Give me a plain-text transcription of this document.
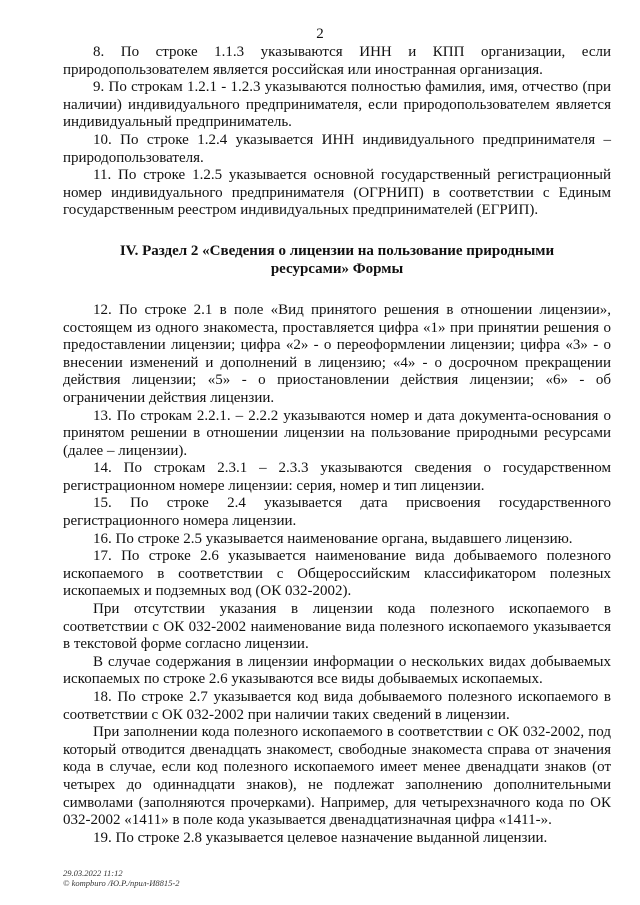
2

8. По строке 1.1.3 указываются ИНН и КПП организации, если природопользователем является российская или иностранная организация.

9. По строкам 1.2.1 - 1.2.3 указываются полностью фамилия, имя, отчество (при наличии) индивидуального предпринимателя, если природопользователем является индивидуальный предприниматель.

10. По строке 1.2.4 указывается ИНН индивидуального предпринимателя – природопользователя.

11. По строке 1.2.5 указывается основной государственный регистрационный номер индивидуального предпринимателя (ОГРНИП) в соответствии с Единым государственным реестром индивидуальных предпринимателей (ЕГРИП).

IV. Раздел 2 «Сведения о лицензии на пользование природными ресурсами» Формы

12. По строке 2.1 в поле «Вид принятого решения в отношении лицензии», состоящем из одного знакоместа, проставляется цифра «1» при принятии решения о предоставлении лицензии; цифра «2» - о переоформлении лицензии; цифра «3» - о внесении изменений и дополнений в лицензию; «4» - о досрочном прекращении действия лицензии; «5» - о приостановлении действия лицензии; «6» - об ограничении действия лицензии.

13. По строкам 2.2.1. – 2.2.2 указываются номер и дата документа-основания о принятом решении в отношении лицензии на пользование природными ресурсами (далее – лицензии).

14. По строкам 2.3.1 – 2.3.3 указываются сведения о государственном регистрационном номере лицензии: серия, номер и тип лицензии.

15. По строке 2.4 указывается дата присвоения государственного регистрационного номера лицензии.

16. По строке 2.5 указывается наименование органа, выдавшего лицензию.

17. По строке 2.6 указывается наименование вида добываемого полезного ископаемого в соответствии с Общероссийским классификатором полезных ископаемых и подземных вод (ОК 032-2002).

При отсутствии указания в лицензии кода полезного ископаемого в соответствии с ОК 032-2002 наименование вида полезного ископаемого указывается в текстовой форме согласно лицензии.

В случае содержания в лицензии информации о нескольких видах добываемых ископаемых по строке 2.6 указываются все виды добываемых ископаемых.

18. По строке 2.7 указывается код вида добываемого полезного ископаемого в соответствии с ОК 032-2002 при наличии таких сведений в лицензии.

При заполнении кода полезного ископаемого в соответствии с ОК 032-2002, под который отводится двенадцать знакомест, свободные знакоместа справа от значения кода в случае, если код полезного ископаемого имеет менее двенадцати знаков (от четырех до одиннадцати знаков), не подлежат заполнению дополнительными символами (заполняются прочерками). Например, для четырехзначного кода по ОК 032-2002 «1411» в поле кода указывается двенадцатизначная цифра «1411-».

19. По строке 2.8 указывается целевое назначение выданной лицензии.

29.03.2022 11:12
© kompburo /Ю.Р./прил-И8815-2
